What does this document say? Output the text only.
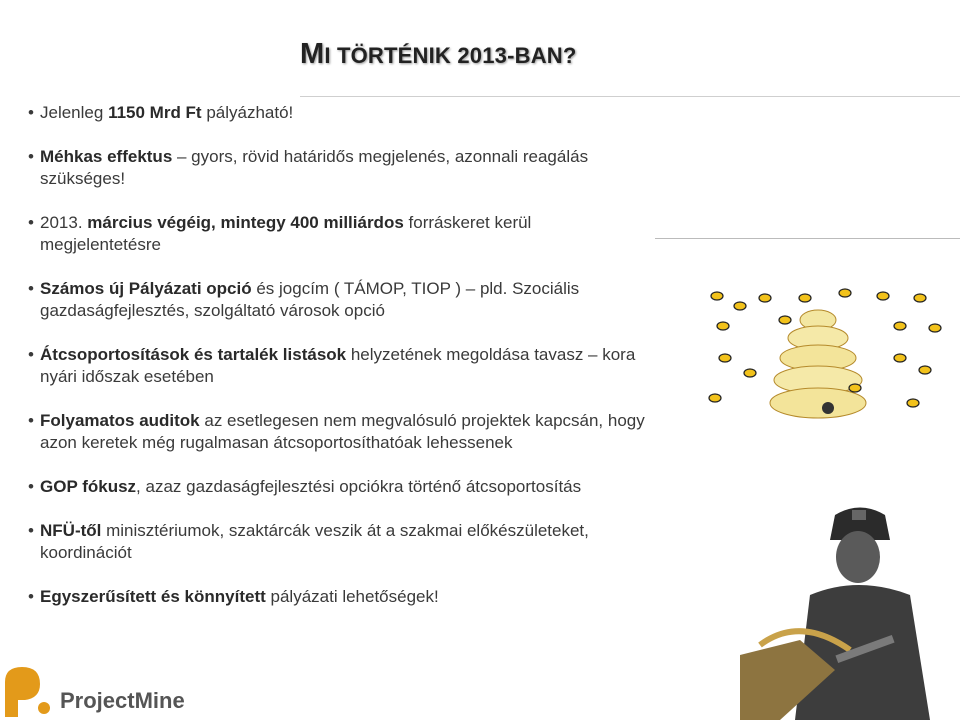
MI TÖRTÉNIK 2013-BAN?
• Jelenleg 1150 Mrd Ft pályázható!
• Méhkas effektus – gyors, rövid határidős megjelenés, azonnali reagálás szükséges!
• 2013. március végéig, mintegy 400 milliárdos forráskeret kerül megjelentetésre
• Számos új Pályázati opció és jogcím ( TÁMOP, TIOP ) – pld. Szociális gazdaságfejlesztés, szolgáltató városok opció
• Átcsoportosítások és tartalék listások helyzetének megoldása tavasz – kora nyári időszak esetében
• Folyamatos auditok az esetlegesen nem megvalósuló projektek kapcsán, hogy azon keretek még rugalmasan átcsoportosíthatóak lehessenek
• GOP fókusz, azaz gazdaságfejlesztési opciókra történő átcsoportosítás
• NFÜ-től minisztériumok, szaktárcák veszik át a szakmai előkészületeket, koordinációt
• Egyszerűsített és könnyített pályázati lehetőségek!
ProjectMine
